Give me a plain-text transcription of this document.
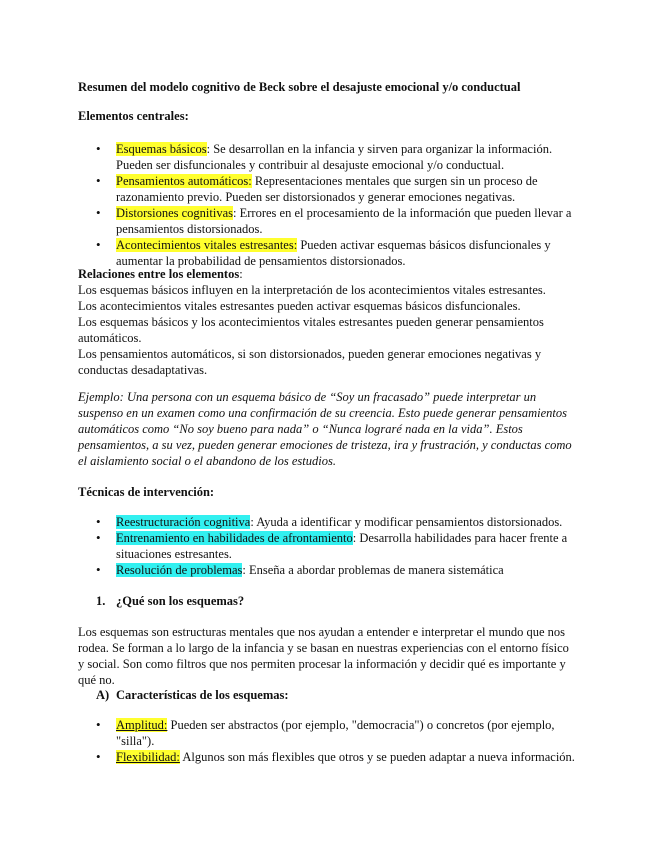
Resumen del modelo cognitivo de Beck sobre el desajuste emocional y/o conductual
Elementos centrales:
• Esquemas básicos: Se desarrollan en la infancia y sirven para organizar la información. Pueden ser disfuncionales y contribuir al desajuste emocional y/o conductual.
• Pensamientos automáticos: Representaciones mentales que surgen sin un proceso de razonamiento previo. Pueden ser distorsionados y generar emociones negativas.
• Distorsiones cognitivas: Errores en el procesamiento de la información que pueden llevar a pensamientos distorsionados.
• Acontecimientos vitales estresantes: Pueden activar esquemas básicos disfuncionales y aumentar la probabilidad de pensamientos distorsionados.

Relaciones entre los elementos:

Los esquemas básicos influyen en la interpretación de los acontecimientos vitales estresantes.

Los acontecimientos vitales estresantes pueden activar esquemas básicos disfuncionales.

Los esquemas básicos y los acontecimientos vitales estresantes pueden generar pensamientos automáticos.

Los pensamientos automáticos, si son distorsionados, pueden generar emociones negativas y conductas desadaptativas.

Ejemplo: Una persona con un esquema básico de “Soy un fracasado” puede interpretar un suspenso en un examen como una confirmación de su creencia. Esto puede generar pensamientos automáticos como “No soy bueno para nada” o “Nunca lograré nada en la vida”. Estos pensamientos, a su vez, pueden generar emociones de tristeza, ira y frustración, y conductas como el aislamiento social o el abandono de los estudios.

Técnicas de intervención:
• Reestructuración cognitiva: Ayuda a identificar y modificar pensamientos distorsionados.
• Entrenamiento en habilidades de afrontamiento: Desarrolla habilidades para hacer frente a situaciones estresantes.
• Resolución de problemas: Enseña a abordar problemas de manera sistemática
1. ¿Qué son los esquemas?

Los esquemas son estructuras mentales que nos ayudan a entender e interpretar el mundo que nos rodea. Se forman a lo largo de la infancia y se basan en nuestras experiencias con el entorno físico y social. Son como filtros que nos permiten procesar la información y decidir qué es importante y qué no.

A) Características de los esquemas:
• Amplitud: Pueden ser abstractos (por ejemplo, "democracia") o concretos (por ejemplo, "silla").
• Flexibilidad: Algunos son más flexibles que otros y se pueden adaptar a nueva información.
